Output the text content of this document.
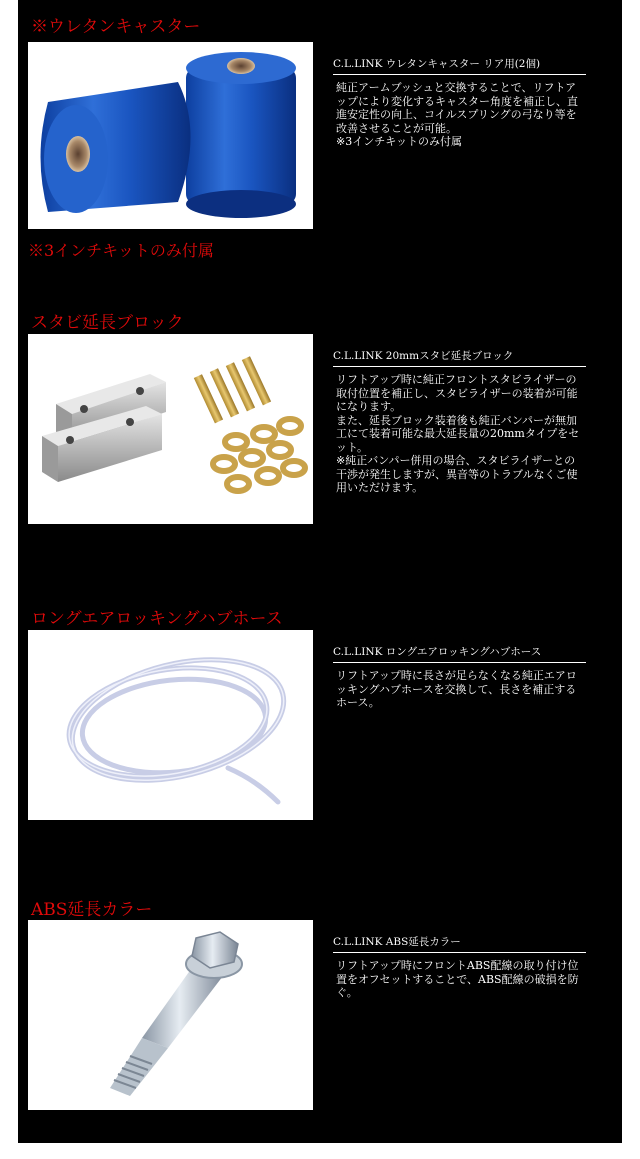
※ウレタンキャスター
C.L.LINK ウレタンキャスター リア用(2個)
純正アームブッシュと交換することで、リフトアップにより変化するキャスター角度を補正し、直進安定性の向上、コイルスプリングの弓なり等を改善させることが可能。
※3インチキットのみ付属

※3インチキットのみ付属

スタビ延長ブロック
C.L.LINK 20mmスタビ延長ブロック
リフトアップ時に純正フロントスタビライザーの取付位置を補正し、スタビライザーの装着が可能になります。
また、延長ブロック装着後も純正バンパーが無加工にて装着可能な最大延長量の20mmタイプをセット。
※純正バンパー併用の場合、スタビライザーとの干渉が発生しますが、異音等のトラブルなくご使用いただけます。
ロングエアロッキングハブホース
C.L.LINK ロングエアロッキングハブホース
リフトアップ時に長さが足らなくなる純正エアロッキングハブホースを交換して、長さを補正するホース。
ABS延長カラー
C.L.LINK ABS延長カラー
リフトアップ時にフロントABS配線の取り付け位置をオフセットすることで、ABS配線の破損を防ぐ。
